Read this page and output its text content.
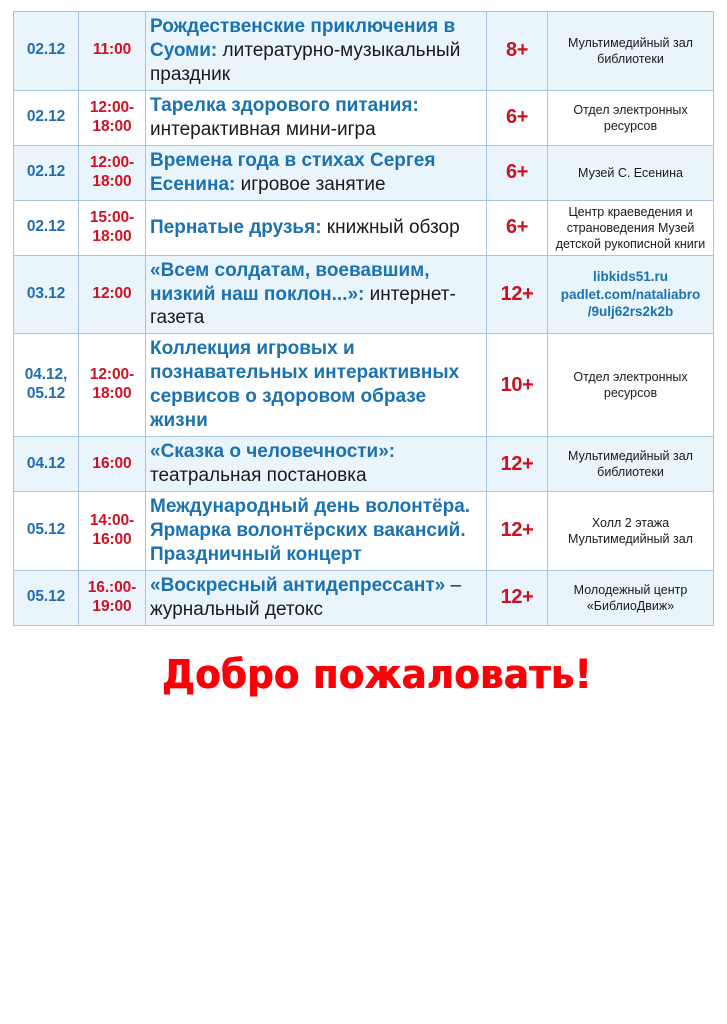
02.12	11:00	Рождественские приключения в Суоми: литературно-музыкальный праздник	8+	Мультимедийный зал библиотеки
02.12	12:00-18:00	Тарелка здорового питания: интерактивная мини-игра	6+	Отдел электронных ресурсов
02.12	12:00-18:00	Времена года в стихах Сергея Есенина: игровое занятие	6+	Музей С. Есенина
02.12	15:00-18:00	Пернатые друзья: книжный обзор	6+	Центр краеведения и страноведения Музей детской рукописной книги
03.12	12:00	«Всем солдатам, воевавшим, низкий наш поклон...»: интернет-газета	12+	libkids51.ru padlet.com/nataliabro /9ulj62rs2k2b
04.12, 05.12	12:00-18:00	Коллекция игровых и познавательных интерактивных сервисов о здоровом образе жизни	10+	Отдел электронных ресурсов
04.12	16:00	«Сказка о человечности»: театральная постановка	12+	Мультимедийный зал библиотеки
05.12	14:00-16:00	Международный день волонтёра. Ярмарка волонтёрских вакансий. Праздничный концерт	12+	Холл 2 этажа Мультимедийный зал
05.12	16.:00-19:00	«Воскресный антидепрессант» – журнальный детокс	12+	Молодежный центр «БиблиоДвиж»
Добро пожаловать!
